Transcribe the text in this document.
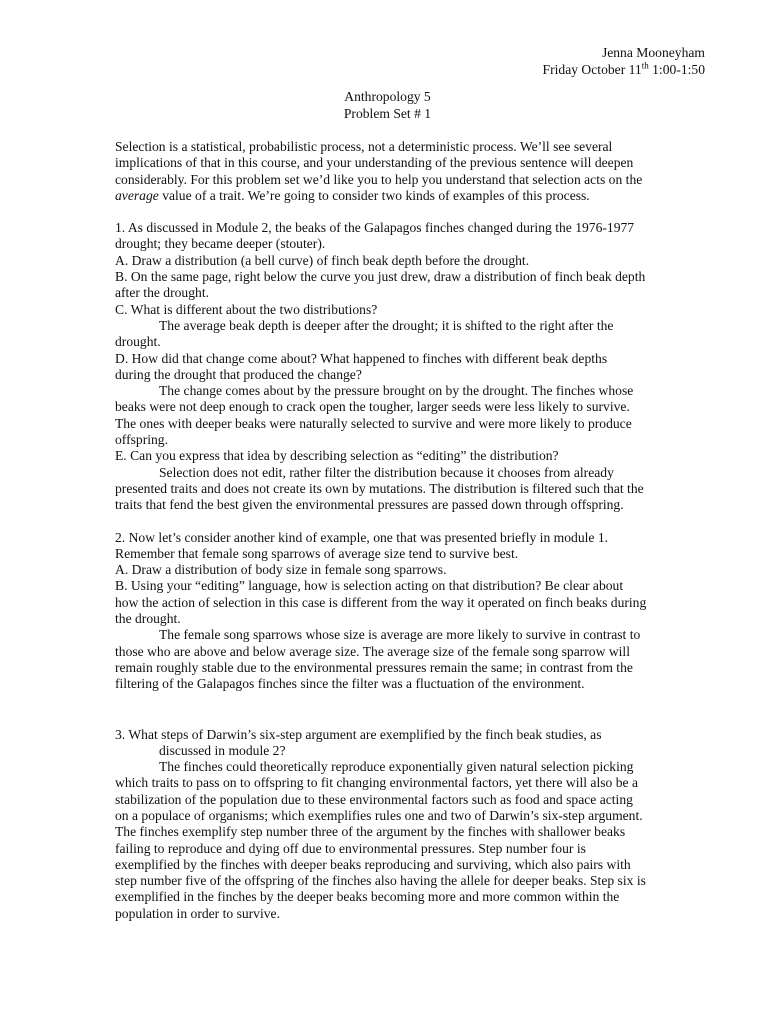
Jenna Mooneyham
Friday October 11th 1:00-1:50
Anthropology 5
Problem Set # 1
Selection is a statistical, probabilistic process, not a deterministic process. We’ll see several
implications of that in this course, and your understanding of the previous sentence will deepen
considerably. For this problem set we’d like you to help you understand that selection acts on the
average value of a trait. We’re going to consider two kinds of examples of this process.
1. As discussed in Module 2, the beaks of the Galapagos finches changed during the 1976-1977
drought; they became deeper (stouter).
A. Draw a distribution (a bell curve) of finch beak depth before the drought.
B. On the same page, right below the curve you just drew, draw a distribution of finch beak depth
after the drought.
C. What is different about the two distributions?
The average beak depth is deeper after the drought; it is shifted to the right after the
drought.
D. How did that change come about? What happened to finches with different beak depths
during the drought that produced the change?
The change comes about by the pressure brought on by the drought. The finches whose
beaks were not deep enough to crack open the tougher, larger seeds were less likely to survive.
The ones with deeper beaks were naturally selected to survive and were more likely to produce
offspring.
E. Can you express that idea by describing selection as “editing” the distribution?
Selection does not edit, rather filter the distribution because it chooses from already
presented traits and does not create its own by mutations. The distribution is filtered such that the
traits that fend the best given the environmental pressures are passed down through offspring.
2. Now let’s consider another kind of example, one that was presented briefly in module 1.
Remember that female song sparrows of average size tend to survive best.
A. Draw a distribution of body size in female song sparrows.
B. Using your “editing” language, how is selection acting on that distribution? Be clear about
how the action of selection in this case is different from the way it operated on finch beaks during
the drought.
The female song sparrows whose size is average are more likely to survive in contrast to
those who are above and below average size. The average size of the female song sparrow will
remain roughly stable due to the environmental pressures remain the same; in contrast from the
filtering of the Galapagos finches since the filter was a fluctuation of the environment.
3. What steps of Darwin’s six-step argument are exemplified by the finch beak studies, as
discussed in module 2?
The finches could theoretically reproduce exponentially given natural selection picking
which traits to pass on to offspring to fit changing environmental factors, yet there will also be a
stabilization of the population due to these environmental factors such as food and space acting
on a populace of organisms; which exemplifies rules one and two of Darwin’s six-step argument.
The finches exemplify step number three of the argument by the finches with shallower beaks
failing to reproduce and dying off due to environmental pressures. Step number four is
exemplified by the finches with deeper beaks reproducing and surviving, which also pairs with
step number five of the offspring of the finches also having the allele for deeper beaks. Step six is
exemplified in the finches by the deeper beaks becoming more and more common within the
population in order to survive.
